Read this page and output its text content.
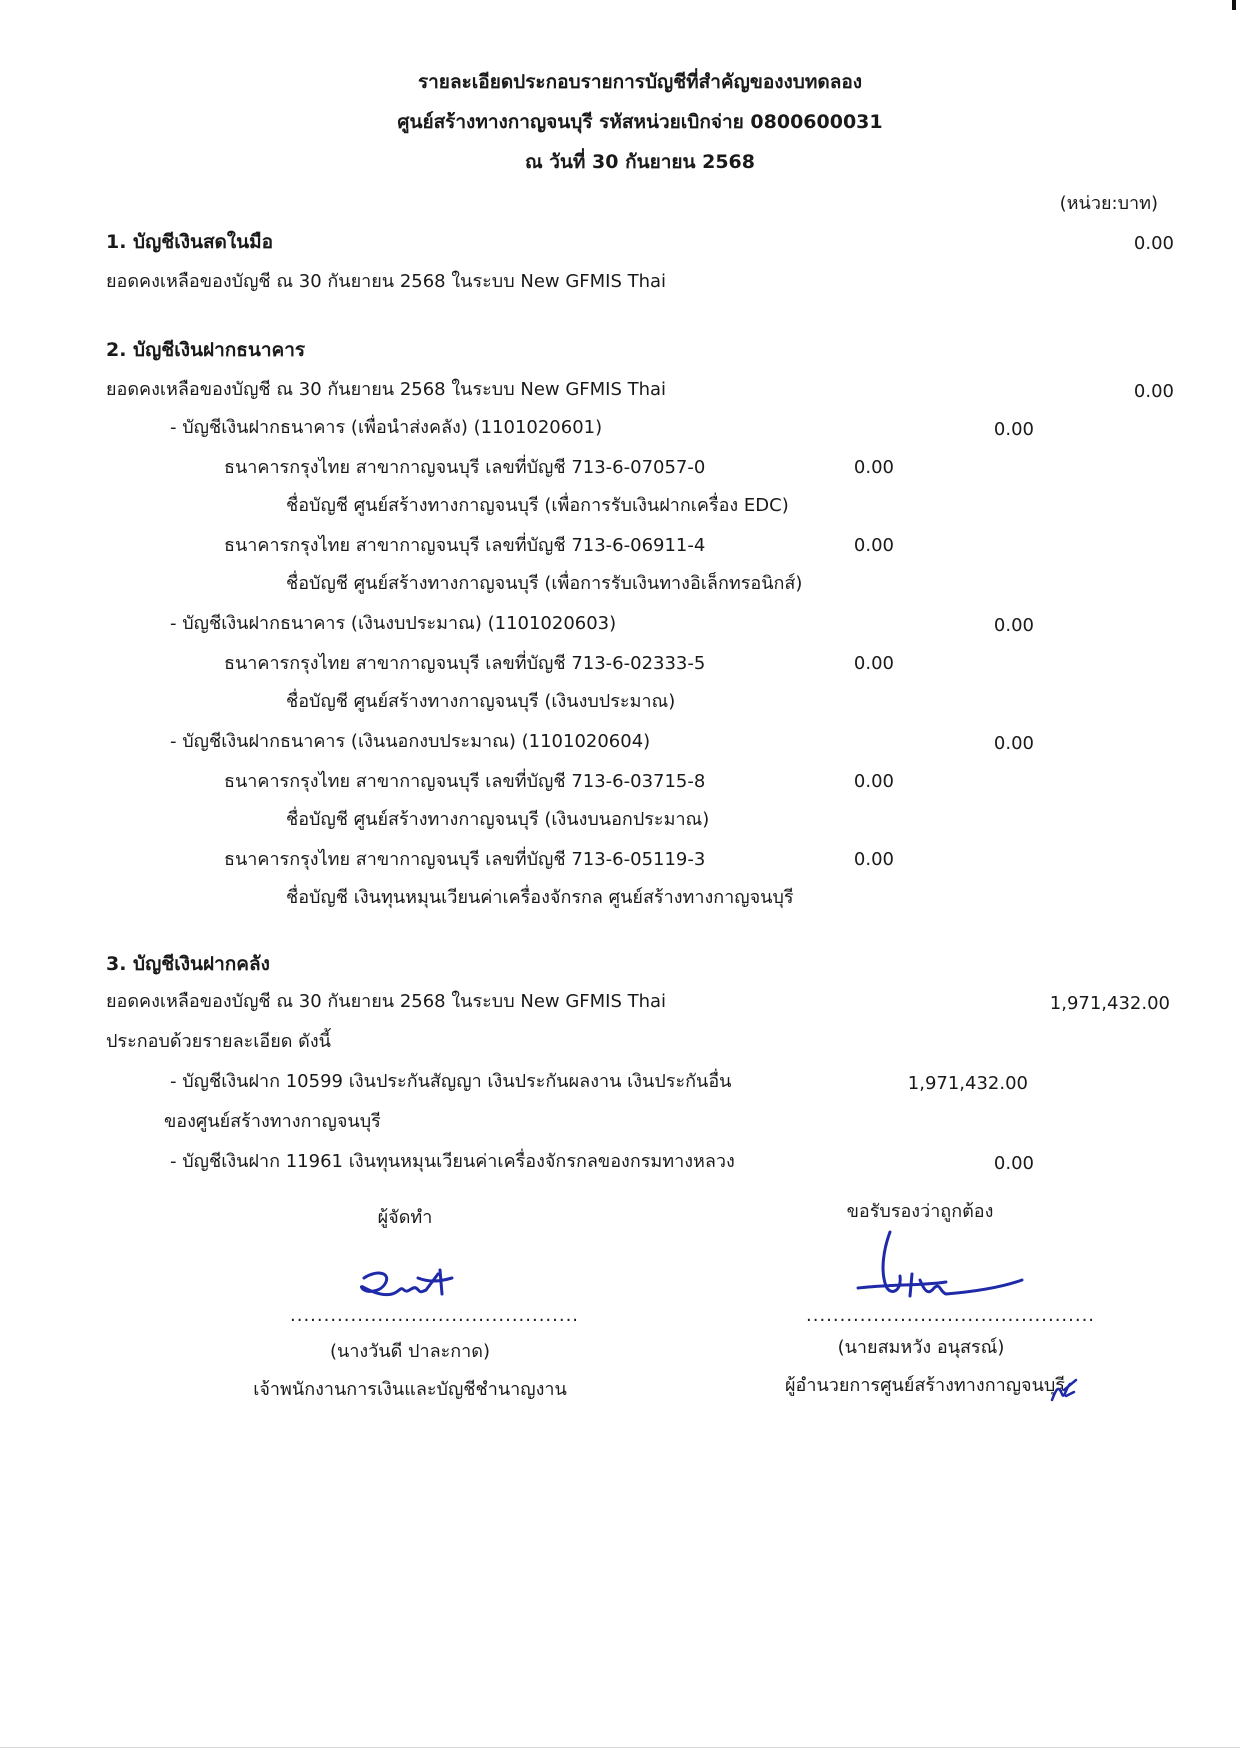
รายละเอียดประกอบรายการบัญชีที่สำคัญของงบทดลอง
ศูนย์สร้างทางกาญจนบุรี รหัสหน่วยเบิกจ่าย 0800600031
ณ วันที่ 30 กันยายน 2568
(หน่วย:บาท)
1. บัญชีเงินสดในมือ	0.00
ยอดคงเหลือของบัญชี ณ 30 กันยายน 2568 ในระบบ New GFMIS Thai
2. บัญชีเงินฝากธนาคาร
ยอดคงเหลือของบัญชี ณ 30 กันยายน 2568 ในระบบ New GFMIS Thai	0.00
- บัญชีเงินฝากธนาคาร (เพื่อนำส่งคลัง) (1101020601)	0.00
ธนาคารกรุงไทย สาขากาญจนบุรี เลขที่บัญชี 713-6-07057-0	0.00
ชื่อบัญชี ศูนย์สร้างทางกาญจนบุรี (เพื่อการรับเงินฝากเครื่อง EDC)
ธนาคารกรุงไทย สาขากาญจนบุรี เลขที่บัญชี 713-6-06911-4	0.00
ชื่อบัญชี ศูนย์สร้างทางกาญจนบุรี (เพื่อการรับเงินทางอิเล็กทรอนิกส์)
- บัญชีเงินฝากธนาคาร (เงินงบประมาณ) (1101020603)	0.00
ธนาคารกรุงไทย สาขากาญจนบุรี เลขที่บัญชี 713-6-02333-5	0.00
ชื่อบัญชี ศูนย์สร้างทางกาญจนบุรี (เงินงบประมาณ)
- บัญชีเงินฝากธนาคาร (เงินนอกงบประมาณ) (1101020604)	0.00
ธนาคารกรุงไทย สาขากาญจนบุรี เลขที่บัญชี 713-6-03715-8	0.00
ชื่อบัญชี ศูนย์สร้างทางกาญจนบุรี (เงินงบนอกประมาณ)
ธนาคารกรุงไทย สาขากาญจนบุรี เลขที่บัญชี 713-6-05119-3	0.00
ชื่อบัญชี เงินทุนหมุนเวียนค่าเครื่องจักรกล ศูนย์สร้างทางกาญจนบุรี
3. บัญชีเงินฝากคลัง
ยอดคงเหลือของบัญชี ณ 30 กันยายน 2568 ในระบบ New GFMIS Thai	1,971,432.00
ประกอบด้วยรายละเอียด ดังนี้
- บัญชีเงินฝาก 10599 เงินประกันสัญญา เงินประกันผลงาน เงินประกันอื่น	1,971,432.00
ของศูนย์สร้างทางกาญจนบุรี
- บัญชีเงินฝาก 11961 เงินทุนหมุนเวียนค่าเครื่องจักรกลของกรมทางหลวง	0.00
ผู้จัดทำ
...........................................
(นางวันดี ปาละกาด)
เจ้าพนักงานการเงินและบัญชีชำนาญงาน
ขอรับรองว่าถูกต้อง
...........................................
(นายสมหวัง อนุสรณ์)
ผู้อำนวยการศูนย์สร้างทางกาญจนบุรี
